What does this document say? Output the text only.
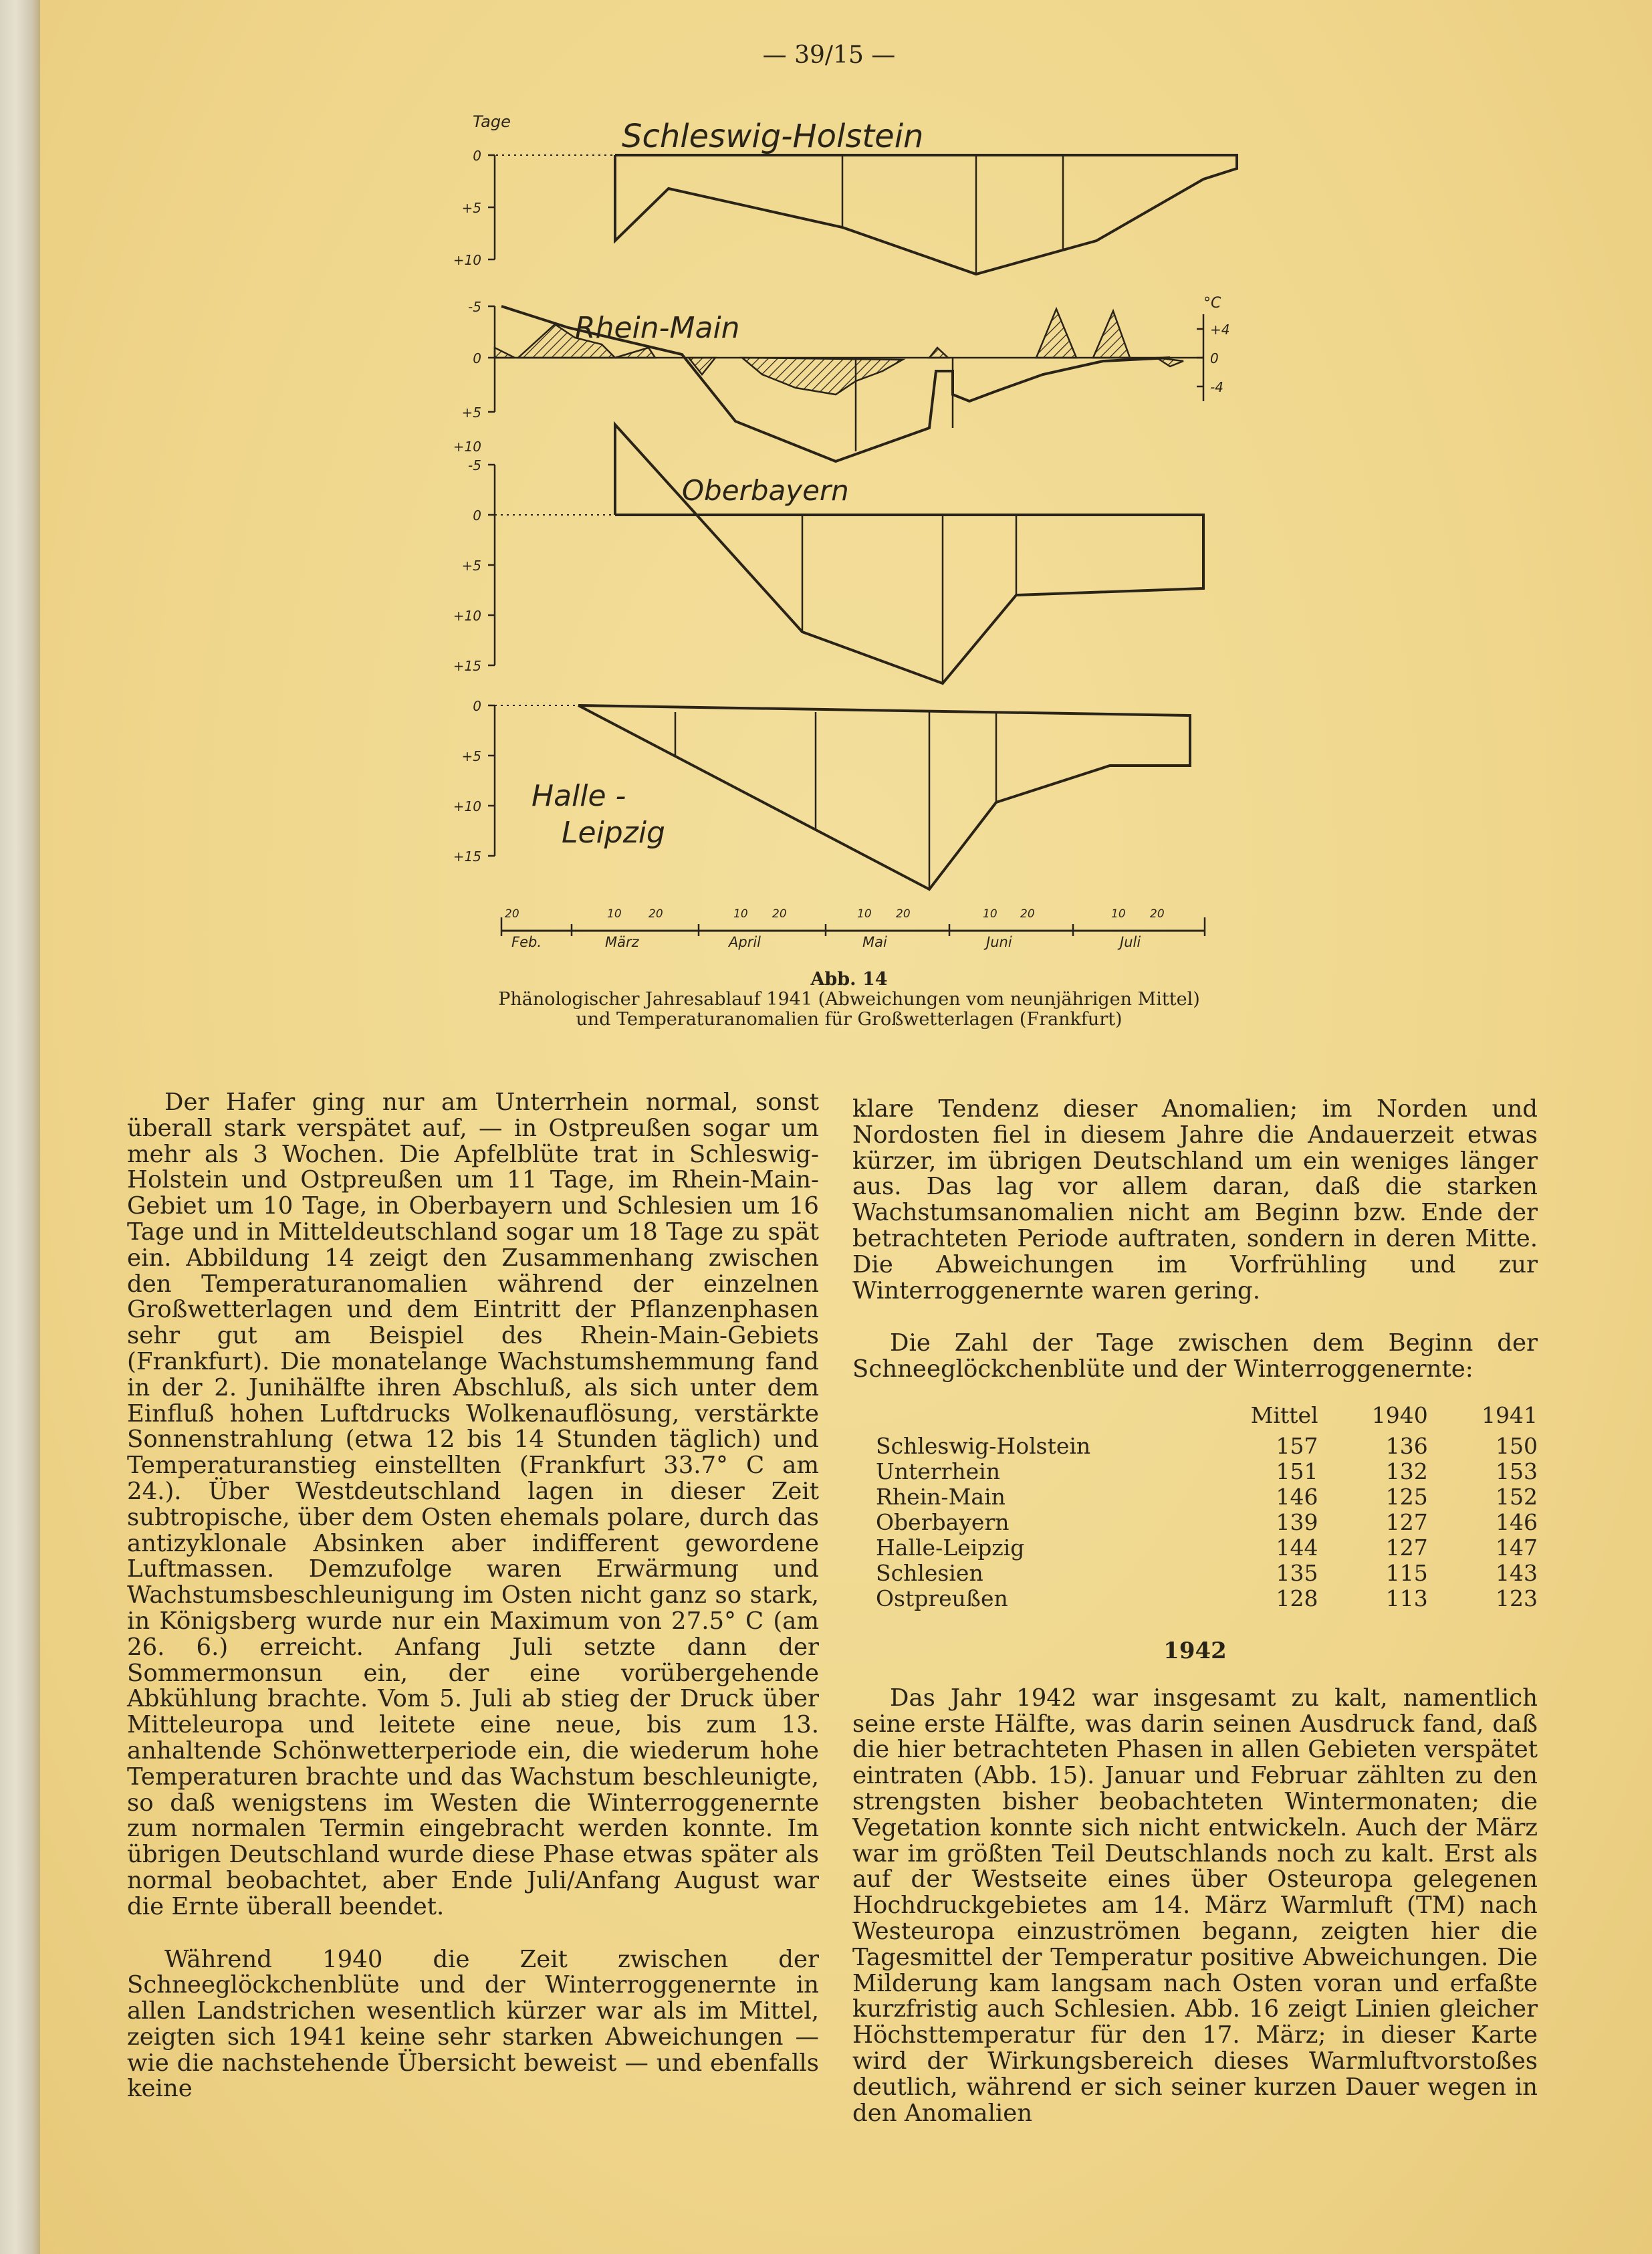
— 39/15 —
Tage	Schleswig-Holstein
0
+5
+10
Rhein-Main
-5
0
+5
+10
°C
+4
0
-4
Oberbayern
-5
0
+5
+10
+15
Halle -
Leipzig
0
+5
+10
+15
20	10 20	10 20	10 20	10 20	10 20
Feb.	März	April	Mai	Juni	Juli
Abb. 14
Phänologischer Jahresablauf 1941 (Abweichungen vom neunjährigen Mittel) und Temperaturanomalien für Großwetterlagen (Frankfurt)

Der Hafer ging nur am Unterrhein normal, sonst überall stark verspätet auf, — in Ostpreußen sogar um mehr als 3 Wochen. Die Apfelblüte trat in Schleswig-Holstein und Ostpreußen um 11 Tage, im Rhein-Main-Gebiet um 10 Tage, in Oberbayern und Schlesien um 16 Tage und in Mitteldeutschland sogar um 18 Tage zu spät ein. Abbildung 14 zeigt den Zusammenhang zwischen den Temperaturanomalien während der einzelnen Großwetterlagen und dem Eintritt der Pflanzenphasen sehr gut am Beispiel des Rhein-Main-Gebiets (Frankfurt). Die monatelange Wachstumshemmung fand in der 2. Junihälfte ihren Abschluß, als sich unter dem Einfluß hohen Luftdrucks Wolkenauflösung, verstärkte Sonnenstrahlung (etwa 12 bis 14 Stunden täglich) und Temperaturanstieg einstellten (Frankfurt 33.7° C am 24.). Über Westdeutschland lagen in dieser Zeit subtropische, über dem Osten ehemals polare, durch das antizyklonale Absinken aber indifferent gewordene Luftmassen. Demzufolge waren Erwärmung und Wachstumsbeschleunigung im Osten nicht ganz so stark, in Königsberg wurde nur ein Maximum von 27.5° C (am 26. 6.) erreicht. Anfang Juli setzte dann der Sommermonsun ein, der eine vorübergehende Abkühlung brachte. Vom 5. Juli ab stieg der Druck über Mitteleuropa und leitete eine neue, bis zum 13. anhaltende Schönwetterperiode ein, die wiederum hohe Temperaturen brachte und das Wachstum beschleunigte, so daß wenigstens im Westen die Winterroggenernte zum normalen Termin eingebracht werden konnte. Im übrigen Deutschland wurde diese Phase etwas später als normal beobachtet, aber Ende Juli/Anfang August war die Ernte überall beendet.

Während 1940 die Zeit zwischen der Schneeglöckchenblüte und der Winterroggenernte in allen Landstrichen wesentlich kürzer war als im Mittel, zeigten sich 1941 keine sehr starken Abweichungen — wie die nachstehende Übersicht beweist — und ebenfalls keine

klare Tendenz dieser Anomalien; im Norden und Nordosten fiel in diesem Jahre die Andauerzeit etwas kürzer, im übrigen Deutschland um ein weniges länger aus. Das lag vor allem daran, daß die starken Wachstumsanomalien nicht am Beginn bzw. Ende der betrachteten Periode auftraten, sondern in deren Mitte. Die Abweichungen im Vorfrühling und zur Winterroggenernte waren gering.

Die Zahl der Tage zwischen dem Beginn der Schneeglöckchenblüte und der Winterroggenernte:

	Mittel	1940	1941
Schleswig-Holstein	157	136	150
Unterrhein	151	132	153
Rhein-Main	146	125	152
Oberbayern	139	127	146
Halle-Leipzig	144	127	147
Schlesien	135	115	143
Ostpreußen	128	113	123

1942

Das Jahr 1942 war insgesamt zu kalt, namentlich seine erste Hälfte, was darin seinen Ausdruck fand, daß die hier betrachteten Phasen in allen Gebieten verspätet eintraten (Abb. 15). Januar und Februar zählten zu den strengsten bisher beobachteten Wintermonaten; die Vegetation konnte sich nicht entwickeln. Auch der März war im größten Teil Deutschlands noch zu kalt. Erst als auf der Westseite eines über Osteuropa gelegenen Hochdruckgebietes am 14. März Warmluft (TM) nach Westeuropa einzuströmen begann, zeigten hier die Tagesmittel der Temperatur positive Abweichungen. Die Milderung kam langsam nach Osten voran und erfaßte kurzfristig auch Schlesien. Abb. 16 zeigt Linien gleicher Höchsttemperatur für den 17. März; in dieser Karte wird der Wirkungsbereich dieses Warmluftvorstoßes deutlich, während er sich seiner kurzen Dauer wegen in den Anomalien
